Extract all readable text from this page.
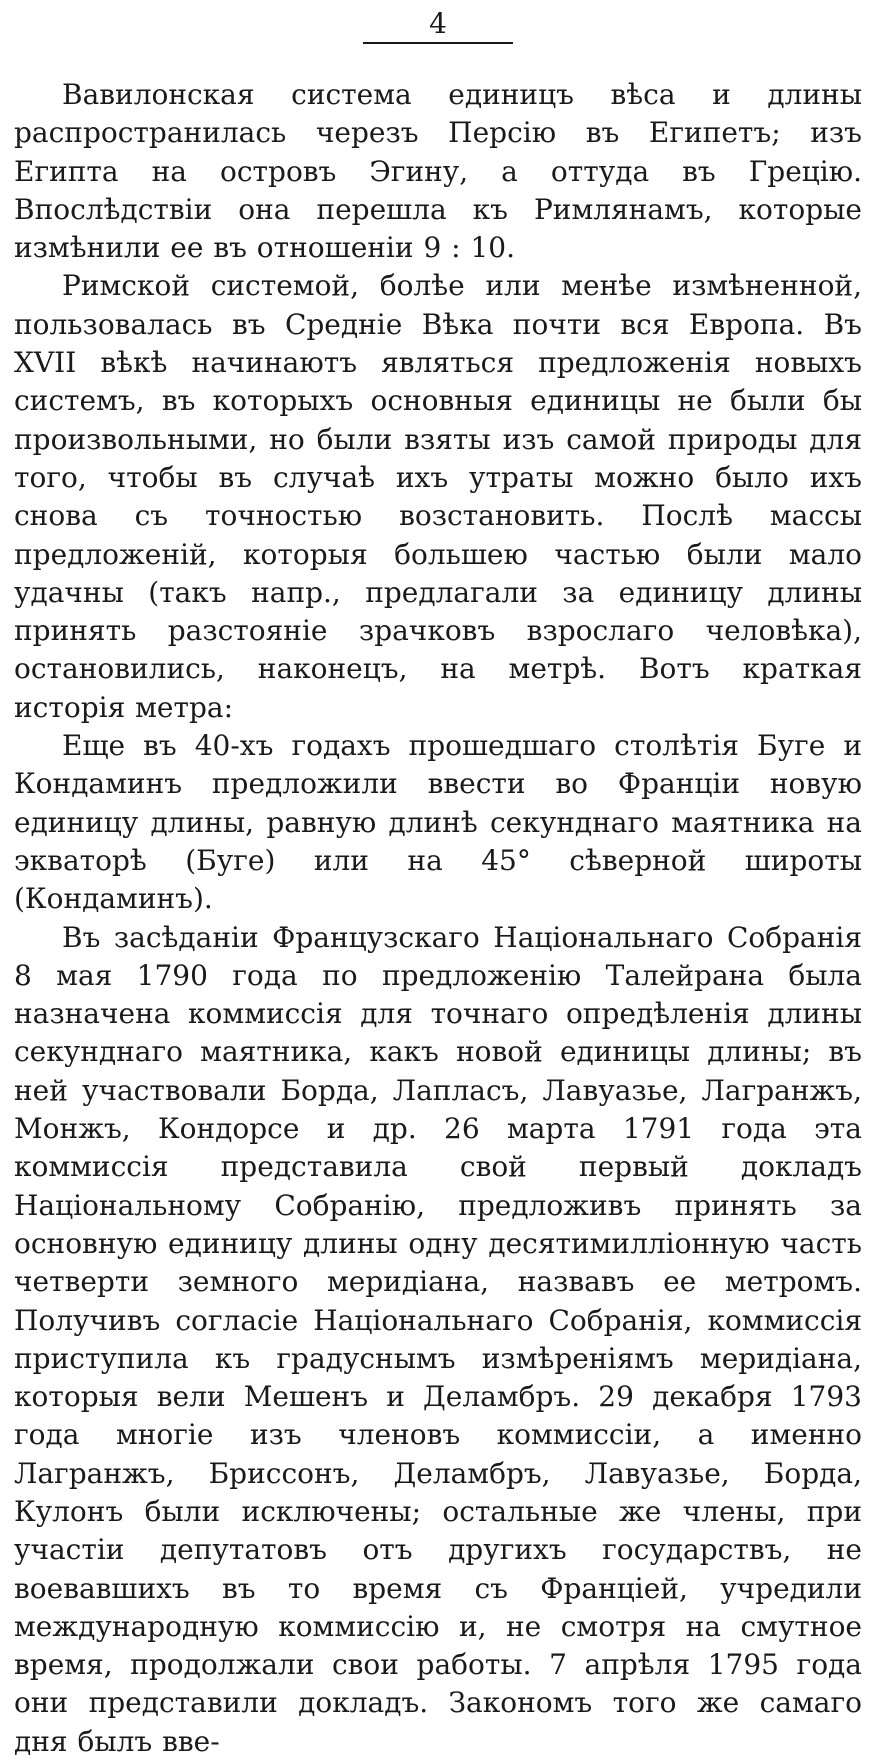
4

Вавилонская система единицъ вѣса и длины распространилась черезъ Персію въ Египетъ; изъ Египта на островъ Эгину, а оттуда въ Грецію. Впослѣдствіи она перешла къ Римлянамъ, которые измѣнили ее въ отношеніи 9 : 10.

Римской системой, болѣе или менѣе измѣненной, пользовалась въ Средніе Вѣка почти вся Европа. Въ XVII вѣкѣ начинаютъ являться предложенія новыхъ системъ, въ которыхъ основныя единицы не были бы произвольными, но были взяты изъ самой природы для того, чтобы въ случаѣ ихъ утраты можно было ихъ снова съ точностью возстановить. Послѣ массы предложеній, которыя большею частью были мало удачны (такъ напр., предлагали за единицу длины принять разстояніе зрачковъ взрослаго человѣка), остановились, наконецъ, на метрѣ. Вотъ краткая исторія метра:

Еще въ 40-хъ годахъ прошедшаго столѣтія Буге и Кондаминъ предложили ввести во Франціи новую единицу длины, равную длинѣ секунднаго маятника на экваторѣ (Буге) или на 45° сѣверной широты (Кондаминъ).

Въ засѣданіи Французскаго Національнаго Собранія 8 мая 1790 года по предложенію Талейрана была назначена коммиссія для точнаго опредѣленія длины секунднаго маятника, какъ новой единицы длины; въ ней участвовали Борда, Лапласъ, Лавуазье, Лагранжъ, Монжъ, Кондорсе и др. 26 марта 1791 года эта коммиссія представила свой первый докладъ Національному Собранію, предложивъ принять за основную единицу длины одну десятимилліонную часть четверти земного меридіана, назвавъ ее метромъ. Получивъ согласіе Національнаго Собранія, коммиссія приступила къ градуснымъ измѣреніямъ меридіана, которыя вели Мешенъ и Деламбръ. 29 декабря 1793 года многіе изъ членовъ коммиссіи, а именно Лагранжъ, Бриссонъ, Деламбръ, Лавуазье, Борда, Кулонъ были исключены; остальные же члены, при участіи депутатовъ отъ другихъ государствъ, не воевавшихъ въ то время съ Франціей, учредили международную коммиссію и, не смотря на смутное время, продолжали свои работы. 7 апрѣля 1795 года они представили докладъ. Закономъ того же самаго дня былъ вве-
